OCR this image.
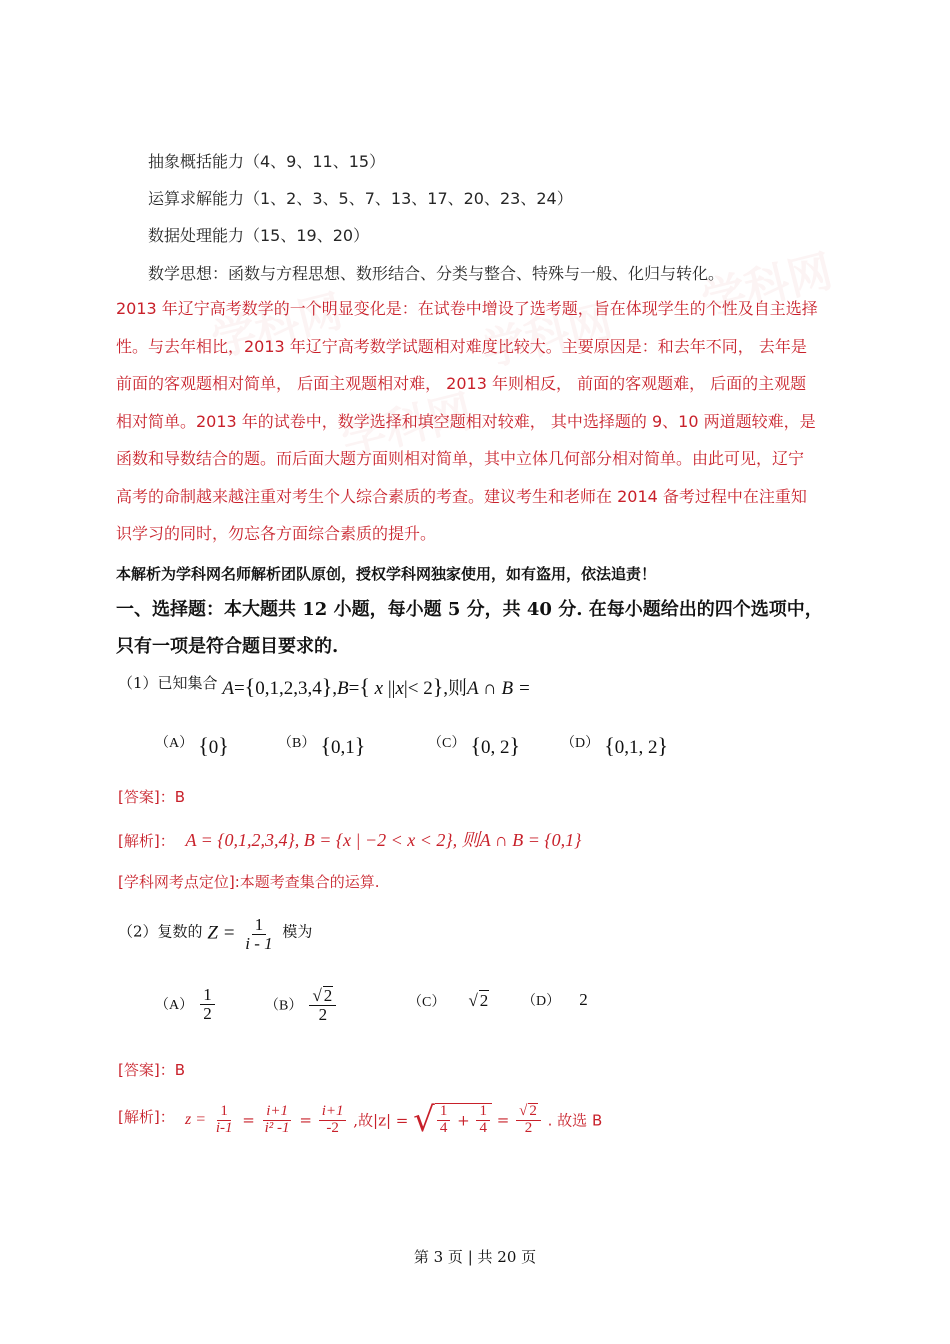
学科网	学科网
学科网
学科网
抽象概括能力（4、9、11、15）
运算求解能力（1、2、3、5、7、13、17、20、23、24）
数据处理能力（15、19、20）
数学思想：函数与方程思想、数形结合、分类与整合、特殊与一般、化归与转化。
2013 年辽宁高考数学的一个明显变化是：在试卷中增设了选考题，旨在体现学生的个性及自主选择
性。与去年相比，2013 年辽宁高考数学试题相对难度比较大。主要原因是：和去年不同， 去年是
前面的客观题相对简单， 后面主观题相对难， 2013 年则相反， 前面的客观题难， 后面的主观题
相对简单。2013 年的试卷中，数学选择和填空题相对较难， 其中选择题的 9、10 两道题较难，是
函数和导数结合的题。而后面大题方面则相对简单，其中立体几何部分相对简单。由此可见，辽宁
高考的命制越来越注重对考生个人综合素质的考查。建议考生和老师在 2014 备考过程中在注重知
识学习的同时，勿忘各方面综合素质的提升。
本解析为学科网名师解析团队原创，授权学科网独家使用，如有盗用，依法追责！
一、选择题：本大题共 12 小题，每小题 5 分，共 40 分. 在每小题给出的四个选项中，
只有一项是符合题目要求的.
（1）已知集合 A={0,1,2,3,4},B={ x ||x|< 2},则A ∩ B =
（A） {0}	（B） {0,1}	（C） {0, 2}	（D） {0,1, 2}
[答案]：B
[解析]： A = {0,1,2,3,4}, B = {x | −2 < x < 2}, 则A ∩ B = {0,1}
[学科网考点定位]:本题考查集合的运算.
（2）复数的 $Z = \frac{1}{i - 1}$ 模为
$(A) \frac{1}{2}$	$(B) \frac{√ 2}{2}$	（C） √ 2 （D） 2
[答案]：B
[解析]： $z = \frac{1}{i-1} = \frac{i+1}{\text{i² -1}} = \frac{i+1}{-2}$ ,故|z| = √ $\frac{1}{4} + \frac{1}{4} = \frac{√ 2}{2}$ . 故选 B
第 3 页 | 共 20 页
